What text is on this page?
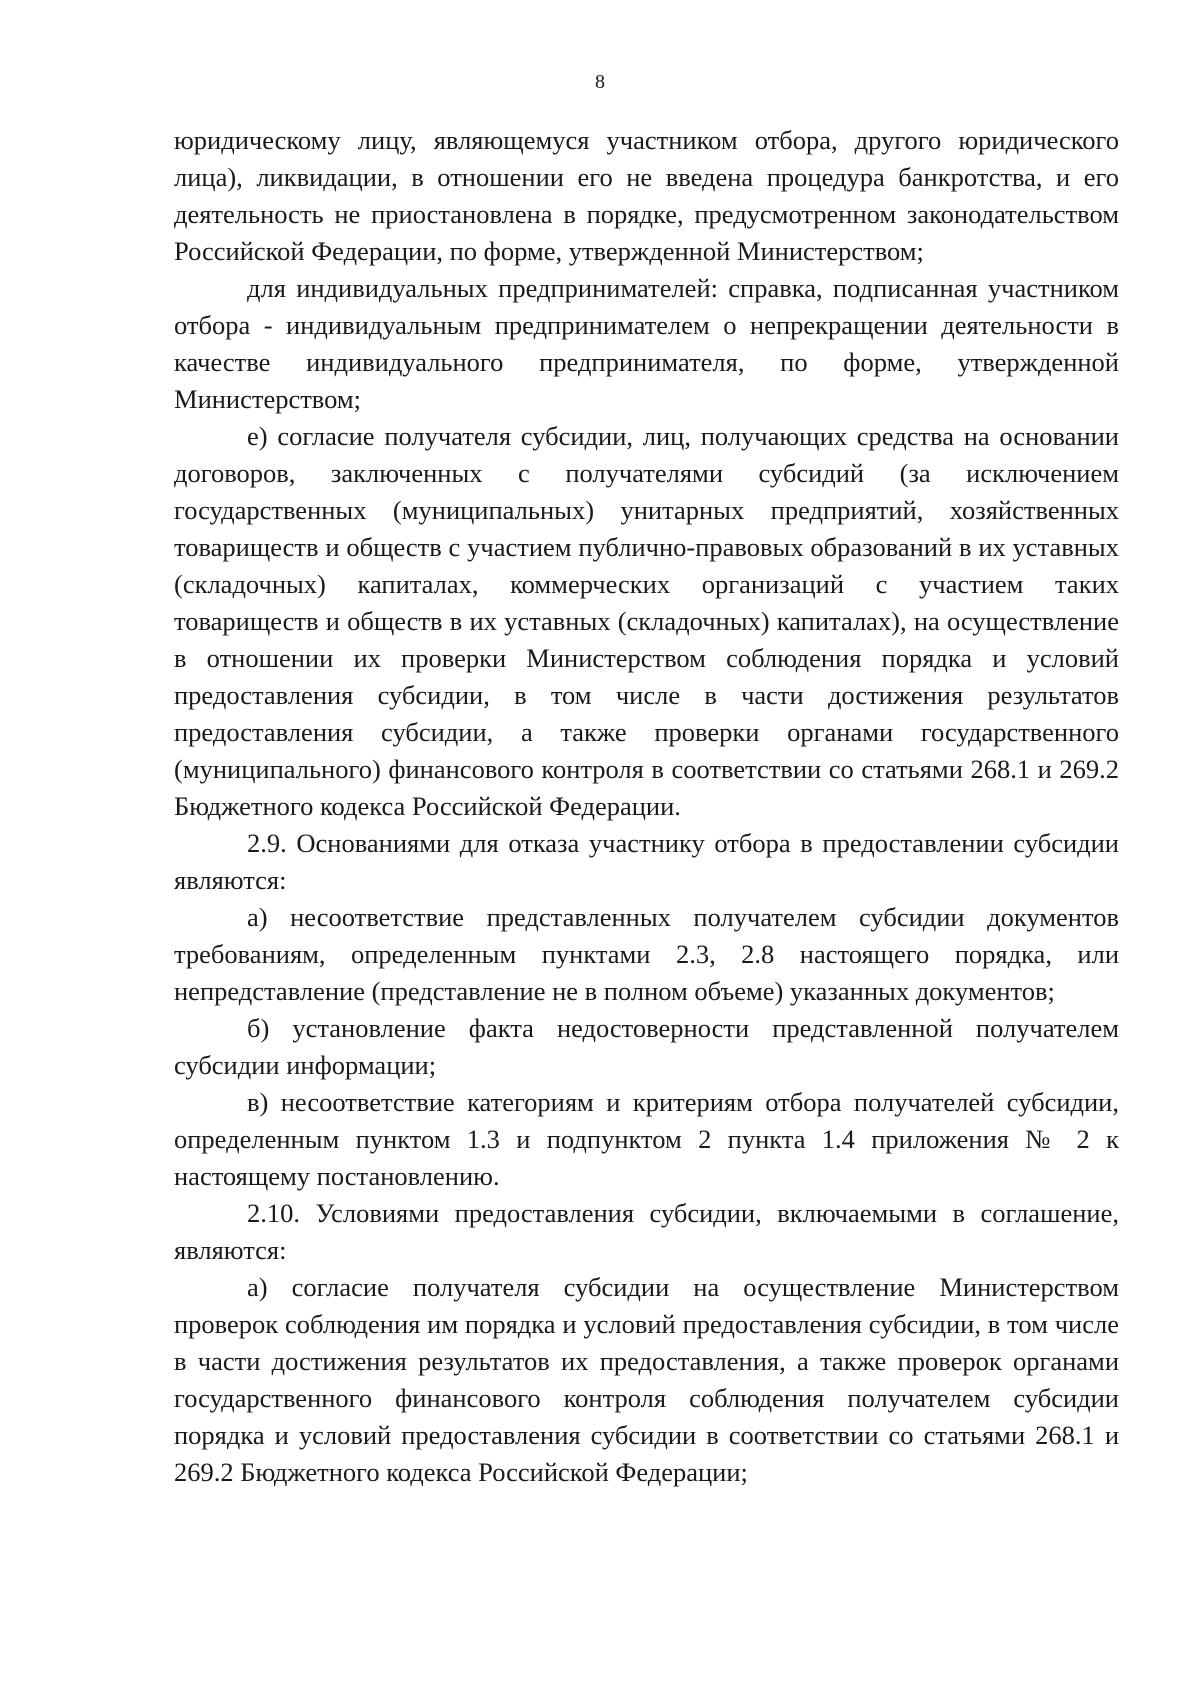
8

юридическому лицу, являющемуся участником отбора, другого юридического лица), ликвидации, в отношении его не введена процедура банкротства, и его деятельность не приостановлена в порядке, предусмотренном законодательством Российской Федерации, по форме, утвержденной Министерством;

для индивидуальных предпринимателей: справка, подписанная участником отбора - индивидуальным предпринимателем о непрекращении деятельности в качестве индивидуального предпринимателя, по форме, утвержденной Министерством;

е) согласие получателя субсидии, лиц, получающих средства на основании договоров, заключенных с получателями субсидий (за исключением государственных (муниципальных) унитарных предприятий, хозяйственных товариществ и обществ с участием публично-правовых образований в их уставных (складочных) капиталах, коммерческих организаций с участием таких товариществ и обществ в их уставных (складочных) капиталах), на осуществление в отношении их проверки Министерством соблюдения порядка и условий предоставления субсидии, в том числе в части достижения результатов предоставления субсидии, а также проверки органами государственного (муниципального) финансового контроля в соответствии со статьями 268.1 и 269.2 Бюджетного кодекса Российской Федерации.

2.9. Основаниями для отказа участнику отбора в предоставлении субсидии являются:

а) несоответствие представленных получателем субсидии документов требованиям, определенным пунктами 2.3, 2.8 настоящего порядка, или непредставление (представление не в полном объеме) указанных документов;

б) установление факта недостоверности представленной получателем субсидии информации;

в) несоответствие категориям и критериям отбора получателей субсидии, определенным пунктом 1.3 и подпунктом 2 пункта 1.4 приложения № 2 к настоящему постановлению.

2.10. Условиями предоставления субсидии, включаемыми в соглашение, являются:

а) согласие получателя субсидии на осуществление Министерством проверок соблюдения им порядка и условий предоставления субсидии, в том числе в части достижения результатов их предоставления, а также проверок органами государственного финансового контроля соблюдения получателем субсидии порядка и условий предоставления субсидии в соответствии со статьями 268.1 и 269.2 Бюджетного кодекса Российской Федерации;
